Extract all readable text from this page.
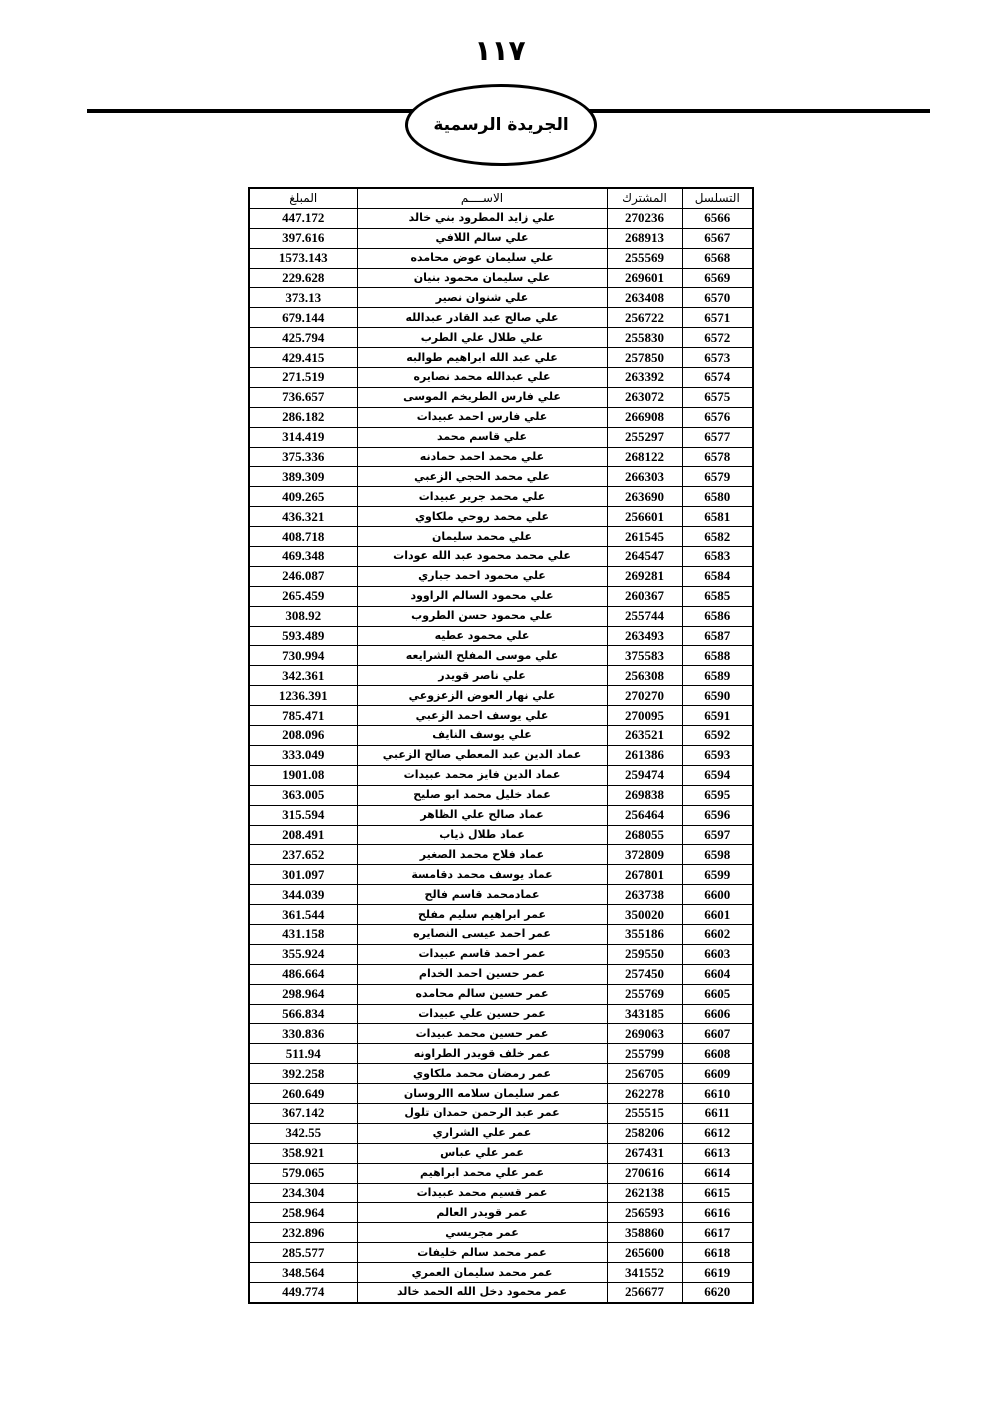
١١٧
الجريدة الرسمية
التسلسل	المشترك	الاســــم	المبلغ
6566	270236	علي زايد المطرود بني خالد	447.172
6567	268913	علي سالم اللافي	397.616
6568	255569	علي سليمان عوض محامده	1573.143
6569	269601	علي سليمان محمود بنيان	229.628
6570	263408	علي شنوان نصير	373.13
6571	256722	علي صالح عبد القادر عبدالله	679.144
6572	255830	علي طلال علي الطرب	425.794
6573	257850	علي عبد الله ابراهيم طوالبه	429.415
6574	263392	علي عبدالله محمد نصايره	271.519
6575	263072	علي فارس الطريخم الموسى	736.657
6576	266908	علي فارس احمد عبيدات	286.182
6577	255297	علي قاسم محمد	314.419
6578	268122	علي محمد احمد حمادنه	375.336
6579	266303	علي محمد الحجي الزعبي	389.309
6580	263690	علي محمد جرير عبيدات	409.265
6581	256601	علي محمد روحي ملكاوي	436.321
6582	261545	علي محمد سليمان	408.718
6583	264547	علي محمد محمود عبد الله عودات	469.348
6584	269281	علي محمود احمد جباري	246.087
6585	260367	علي محمود السالم الراوود	265.459
6586	255744	علي محمود حسن الطروب	308.92
6587	263493	علي محمود عطيه	593.489
6588	375583	علي موسى المفلح الشرايعه	730.994
6589	256308	علي ناصر قويدر	342.361
6590	270270	علي نهار العوض الزعزوعي	1236.391
6591	270095	علي يوسف احمد الزعبي	785.471
6592	263521	علي يوسف النايف	208.096
6593	261386	عماد الدين عبد المعطي صالح الزعبي	333.049
6594	259474	عماد الدين فايز محمد عبيدات	1901.08
6595	269838	عماد خليل محمد ابو صليح	363.005
6596	256464	عماد صالح علي الظاهر	315.594
6597	268055	عماد طلال ذياب	208.491
6598	372809	عماد فلاح محمد الصغير	237.652
6599	267801	عماد يوسف محمد دقامسة	301.097
6600	263738	عمادمحمد قاسم فالح	344.039
6601	350020	عمر ابراهيم سليم مفلح	361.544
6602	355186	عمر احمد عيسى النصايره	431.158
6603	259550	عمر احمد قاسم عبيدات	355.924
6604	257450	عمر حسين احمد الخدام	486.664
6605	255769	عمر حسين سالم محامده	298.964
6606	343185	عمر حسين علي عبيدات	566.834
6607	269063	عمر حسين محمد عبيدات	330.836
6608	255799	عمر خلف قويدر الطراونه	511.94
6609	256705	عمر رمضان محمد ملكاوي	392.258
6610	262278	عمر سليمان سلامه االروسان	260.649
6611	255515	عمر عبد الرحمن حمدان تلول	367.142
6612	258206	عمر علي الشراري	342.55
6613	267431	عمر علي عباس	358.921
6614	270616	عمر علي محمد ابراهيم	579.065
6615	262138	عمر قسيم محمد عبيدات	234.304
6616	256593	عمر قويدر العالم	258.964
6617	358860	عمر مجريسي	232.896
6618	265600	عمر محمد سالم خليفات	285.577
6619	341552	عمر محمد سليمان العمري	348.564
6620	256677	عمر محمود دخل الله الحمد خالد	449.774
